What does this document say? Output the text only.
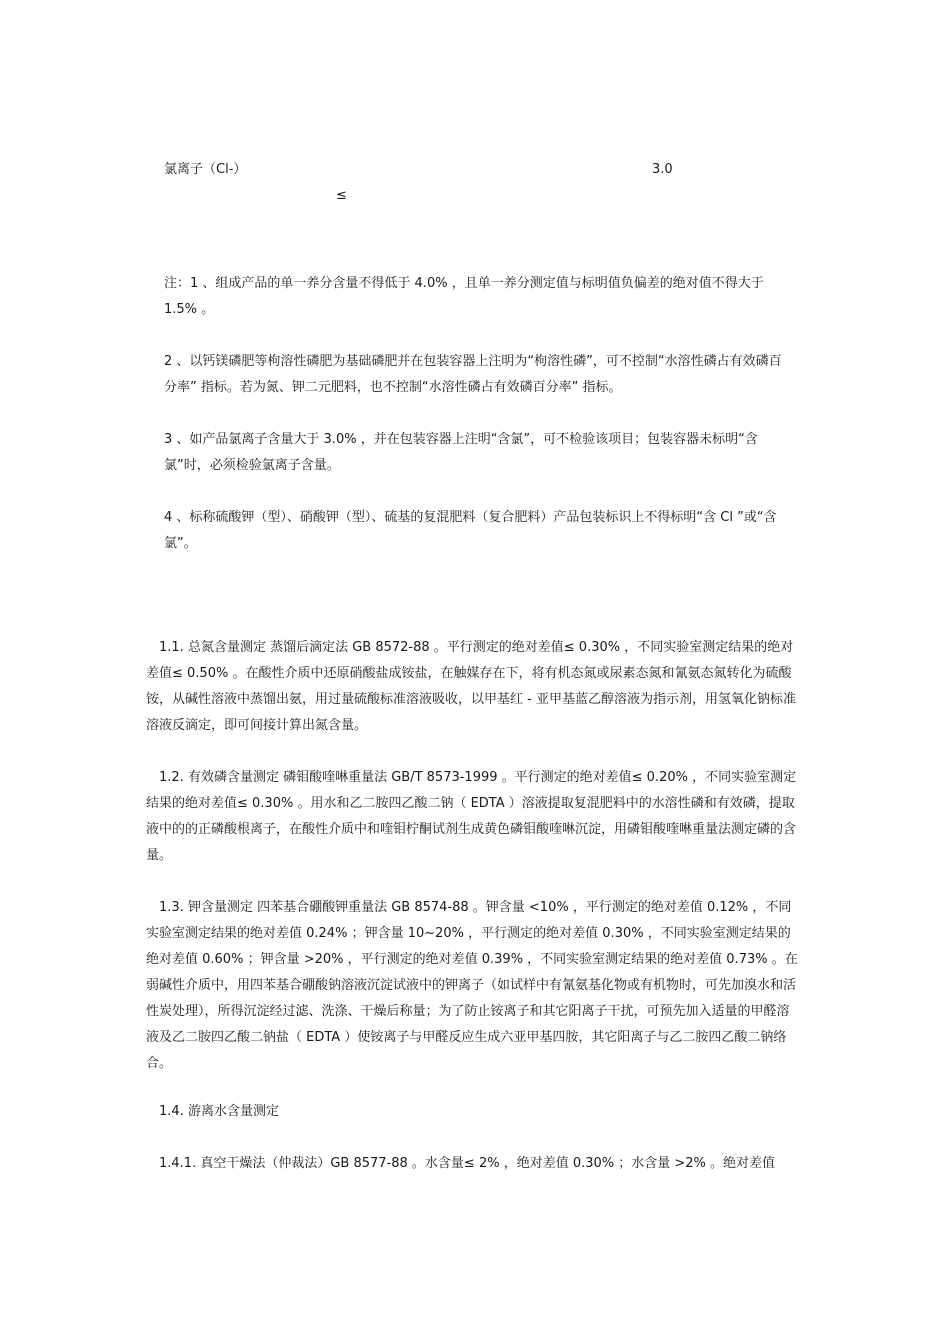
氯离子（Cl-）	3.0
≤

注：1 、组成产品的单一养分含量不得低于 4.0% ，且单一养分测定值与标明值负偏差的绝对值不得大于 1.5% 。

2 、以钙镁磷肥等枸溶性磷肥为基础磷肥并在包装容器上注明为“枸溶性磷”，可不控制“水溶性磷占有效磷百分率” 指标。若为氮、钾二元肥料，也不控制“水溶性磷占有效磷百分率” 指标。

3 、如产品氯离子含量大于 3.0% ，并在包装容器上注明“含氯”，可不检验该项目；包装容器未标明“含氯”时，必须检验氯离子含量。

4 、标称硫酸钾（型）、硝酸钾（型）、硫基的复混肥料（复合肥料）产品包装标识上不得标明“含 Cl ”或“含氯”。

1.1. 总氮含量测定 蒸馏后滴定法 GB 8572-88 。平行测定的绝对差值≤ 0.30% ，不同实验室测定结果的绝对差值≤ 0.50% 。在酸性介质中还原硝酸盐成铵盐，在触媒存在下，将有机态氮或尿素态氮和氰氨态氮转化为硫酸铵，从碱性溶液中蒸馏出氨，用过量硫酸标准溶液吸收，以甲基红 - 亚甲基蓝乙醇溶液为指示剂，用氢氧化钠标准溶液反滴定，即可间接计算出氮含量。

1.2. 有效磷含量测定 磷钼酸喹啉重量法 GB/T 8573-1999 。平行测定的绝对差值≤ 0.20% ，不同实验室测定结果的绝对差值≤ 0.30% 。用水和乙二胺四乙酸二钠（ EDTA ）溶液提取复混肥料中的水溶性磷和有效磷，提取液中的的正磷酸根离子，在酸性介质中和喹钼柠酮试剂生成黄色磷钼酸喹啉沉淀，用磷钼酸喹啉重量法测定磷的含量。

1.3. 钾含量测定 四苯基合硼酸钾重量法 GB 8574-88 。钾含量 <10% ，平行测定的绝对差值 0.12% ，不同实验室测定结果的绝对差值 0.24% ；钾含量 10~20% ，平行测定的绝对差值 0.30% ，不同实验室测定结果的绝对差值 0.60% ；钾含量 >20% ，平行测定的绝对差值 0.39% ，不同实验室测定结果的绝对差值 0.73% 。在弱碱性介质中，用四苯基合硼酸钠溶液沉淀试液中的钾离子（如试样中有氰氨基化物或有机物时，可先加溴水和活性炭处理），所得沉淀经过滤、洗涤、干燥后称量；为了防止铵离子和其它阳离子干扰，可预先加入适量的甲醛溶液及乙二胺四乙酸二钠盐（ EDTA ）使铵离子与甲醛反应生成六亚甲基四胺，其它阳离子与乙二胺四乙酸二钠络合。

1.4. 游离水含量测定

1.4.1. 真空干燥法（仲裁法）GB 8577-88 。水含量≤ 2% ，绝对差值 0.30% ；水含量 >2% 。绝对差值
